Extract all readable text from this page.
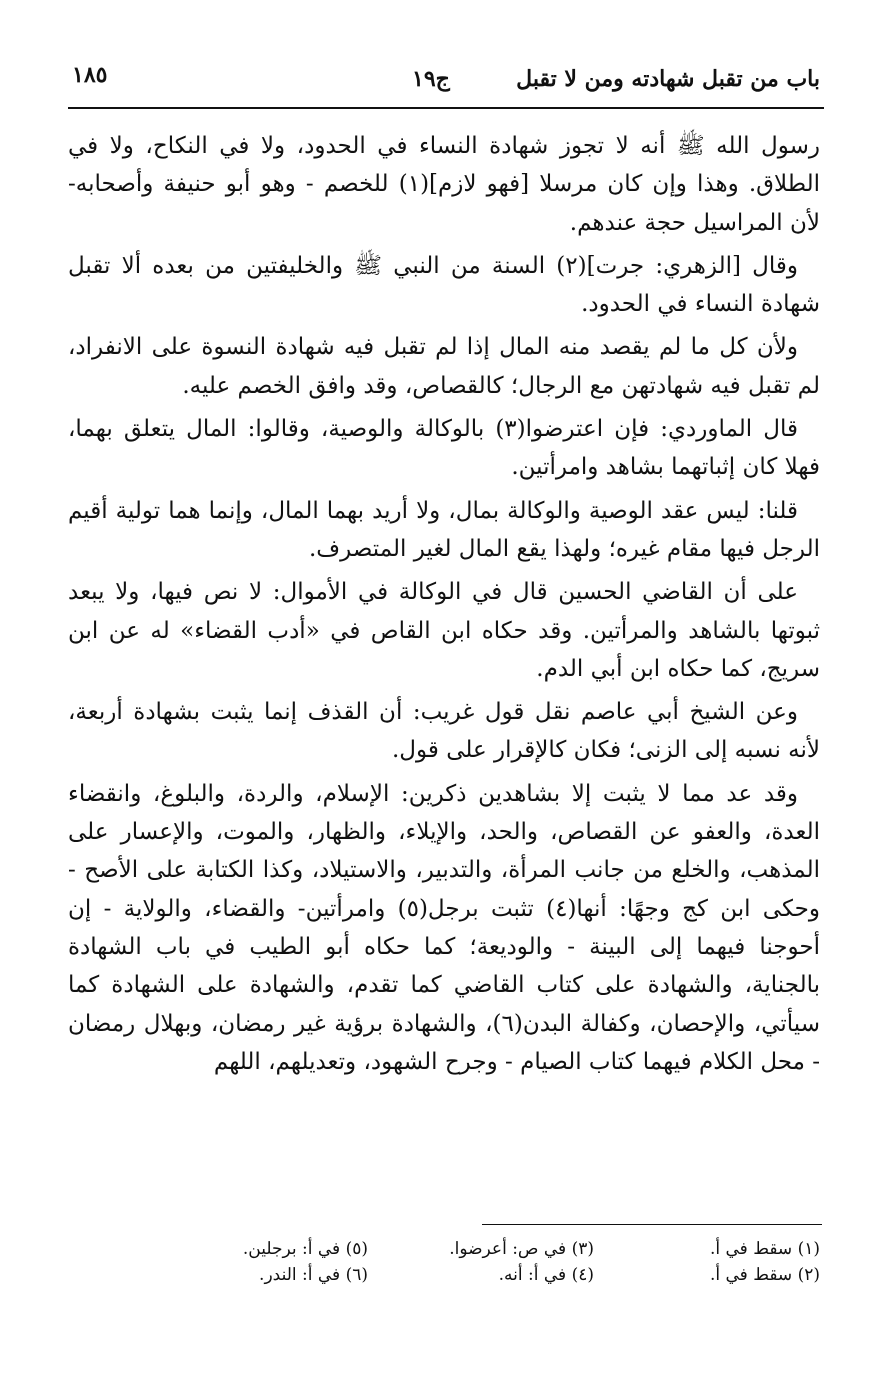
باب من تقبل شهادته ومن لا تقبل
ج١٩
١٨٥

رسول الله ﷺ أنه لا تجوز شهادة النساء في الحدود، ولا في النكاح، ولا في الطلاق. وهذا وإن كان مرسلا [فهو لازم](١) للخصم - وهو أبو حنيفة وأصحابه- لأن المراسيل حجة عندهم.

وقال [الزهري: جرت](٢) السنة من النبي ﷺ والخليفتين من بعده ألا تقبل شهادة النساء في الحدود.

ولأن كل ما لم يقصد منه المال إذا لم تقبل فيه شهادة النسوة على الانفراد، لم تقبل فيه شهادتهن مع الرجال؛ كالقصاص، وقد وافق الخصم عليه.

قال الماوردي: فإن اعترضوا(٣) بالوكالة والوصية، وقالوا: المال يتعلق بهما، فهلا كان إثباتهما بشاهد وامرأتين.

قلنا: ليس عقد الوصية والوكالة بمال، ولا أريد بهما المال، وإنما هما تولية أقيم الرجل فيها مقام غيره؛ ولهذا يقع المال لغير المتصرف.

على أن القاضي الحسين قال في الوكالة في الأموال: لا نص فيها، ولا يبعد ثبوتها بالشاهد والمرأتين. وقد حكاه ابن القاص في «أدب القضاء» له عن ابن سريج، كما حكاه ابن أبي الدم.

وعن الشيخ أبي عاصم نقل قول غريب: أن القذف إنما يثبت بشهادة أربعة، لأنه نسبه إلى الزنى؛ فكان كالإقرار على قول.

وقد عد مما لا يثبت إلا بشاهدين ذكرين: الإسلام، والردة، والبلوغ، وانقضاء العدة، والعفو عن القصاص، والحد، والإيلاء، والظهار، والموت، والإعسار على المذهب، والخلع من جانب المرأة، والتدبير، والاستيلاد، وكذا الكتابة على الأصح - وحكى ابن كج وجهًا: أنها(٤) تثبت برجل(٥) وامرأتين- والقضاء، والولاية - إن أحوجنا فيهما إلى البينة - والوديعة؛ كما حكاه أبو الطيب في باب الشهادة بالجناية، والشهادة على كتاب القاضي كما تقدم، والشهادة على الشهادة كما سيأتي، والإحصان، وكفالة البدن(٦)، والشهادة برؤية غير رمضان، وبهلال رمضان - محل الكلام فيهما كتاب الصيام - وجرح الشهود، وتعديلهم، اللهم

(١) سقط في أ.
(٣) في ص: أعرضوا.
(٥) في أ: برجلين.
(٢) سقط في أ.
(٤) في أ: أنه.
(٦) في أ: الندر.
